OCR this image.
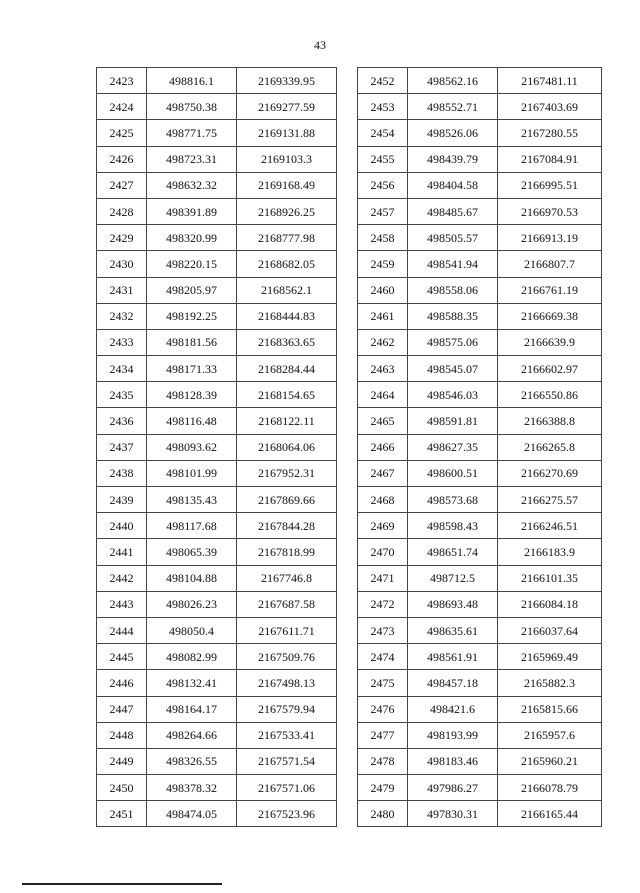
43
2423	498816.1	2169339.95
2424	498750.38	2169277.59
2425	498771.75	2169131.88
2426	498723.31	2169103.3
2427	498632.32	2169168.49
2428	498391.89	2168926.25
2429	498320.99	2168777.98
2430	498220.15	2168682.05
2431	498205.97	2168562.1
2432	498192.25	2168444.83
2433	498181.56	2168363.65
2434	498171.33	2168284.44
2435	498128.39	2168154.65
2436	498116.48	2168122.11
2437	498093.62	2168064.06
2438	498101.99	2167952.31
2439	498135.43	2167869.66
2440	498117.68	2167844.28
2441	498065.39	2167818.99
2442	498104.88	2167746.8
2443	498026.23	2167687.58
2444	498050.4	2167611.71
2445	498082.99	2167509.76
2446	498132.41	2167498.13
2447	498164.17	2167579.94
2448	498264.66	2167533.41
2449	498326.55	2167571.54
2450	498378.32	2167571.06
2451	498474.05	2167523.96
2452	498562.16	2167481.11
2453	498552.71	2167403.69
2454	498526.06	2167280.55
2455	498439.79	2167084.91
2456	498404.58	2166995.51
2457	498485.67	2166970.53
2458	498505.57	2166913.19
2459	498541.94	2166807.7
2460	498558.06	2166761.19
2461	498588.35	2166669.38
2462	498575.06	2166639.9
2463	498545.07	2166602.97
2464	498546.03	2166550.86
2465	498591.81	2166388.8
2466	498627.35	2166265.8
2467	498600.51	2166270.69
2468	498573.68	2166275.57
2469	498598.43	2166246.51
2470	498651.74	2166183.9
2471	498712.5	2166101.35
2472	498693.48	2166084.18
2473	498635.61	2166037.64
2474	498561.91	2165969.49
2475	498457.18	2165882.3
2476	498421.6	2165815.66
2477	498193.99	2165957.6
2478	498183.46	2165960.21
2479	497986.27	2166078.79
2480	497830.31	2166165.44
